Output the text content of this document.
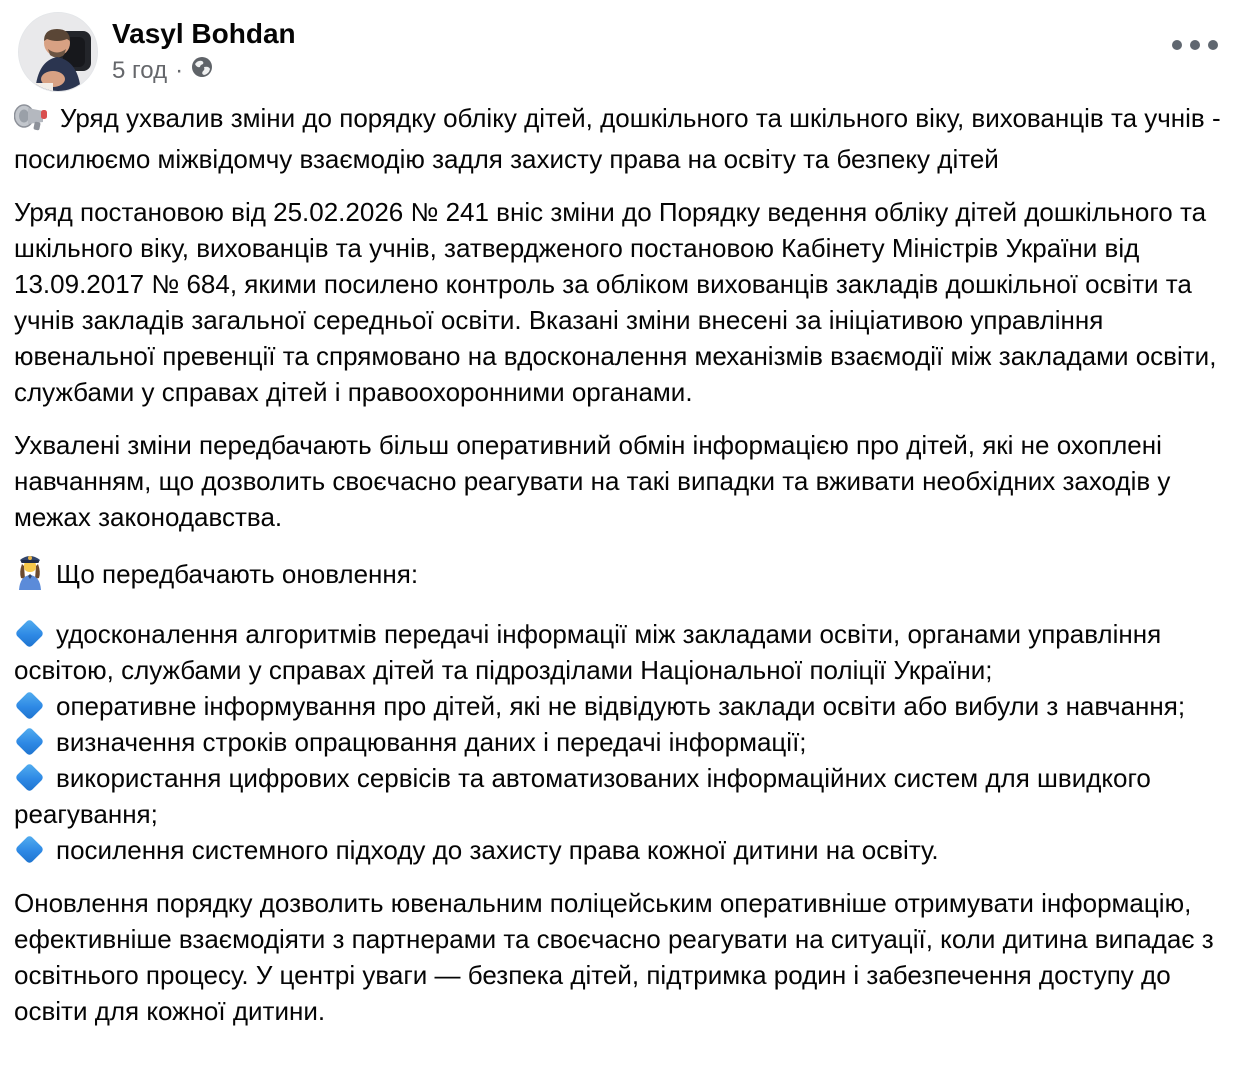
Vasyl Bohdan
5 год ·

Уряд ухвалив зміни до порядку обліку дітей, дошкільного та шкільного віку, вихованців та учнів - посилюємо міжвідомчу взаємодію задля захисту права на освіту та безпеку дітей

Уряд постановою від 25.02.2026 № 241 вніс зміни до Порядку ведення обліку дітей дошкільного та шкільного віку, вихованців та учнів, затвердженого постановою Кабінету Міністрів України від 13.09.2017 № 684, якими посилено контроль за обліком вихованців закладів дошкільної освіти та учнів закладів загальної середньої освіти. Вказані зміни внесені за ініціативою управління ювенальної превенції та спрямовано на вдосконалення механізмів взаємодії між закладами освіти, службами у справах дітей і правоохоронними органами.

Ухвалені зміни передбачають більш оперативний обмін інформацією про дітей, які не охоплені навчанням, що дозволить своєчасно реагувати на такі випадки та вживати необхідних заходів у межах законодавства.

Що передбачають оновлення:

удосконалення алгоритмів передачі інформації між закладами освіти, органами управління освітою, службами у справах дітей та підрозділами Національної поліції України;
оперативне інформування про дітей, які не відвідують заклади освіти або вибули з навчання;
визначення строків опрацювання даних і передачі інформації;
використання цифрових сервісів та автоматизованих інформаційних систем для швидкого реагування;
посилення системного підходу до захисту права кожної дитини на освіту.

Оновлення порядку дозволить ювенальним поліцейським оперативніше отримувати інформацію, ефективніше взаємодіяти з партнерами та своєчасно реагувати на ситуації, коли дитина випадає з освітнього процесу. У центрі уваги — безпека дітей, підтримка родин і забезпечення доступу до освіти для кожної дитини.
